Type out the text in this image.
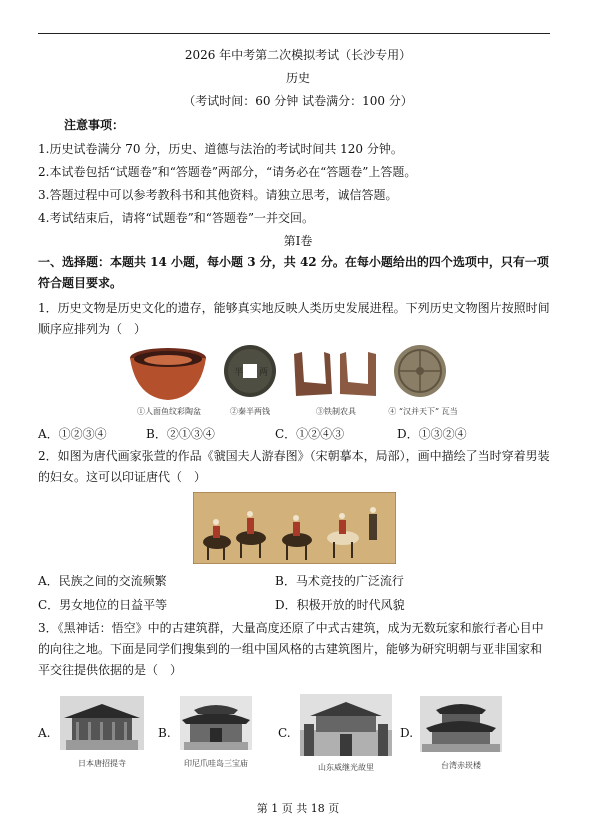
2026 年中考第二次模拟考试（长沙专用）
历史
（考试时间：60 分钟 试卷满分：100 分）
注意事项：
1.历史试卷满分 70 分，历史、道德与法治的考试时间共 120 分钟。
2.本试卷包括“试题卷”和“答题卷”两部分，“请务必在“答题卷”上答题。
3.答题过程中可以参考教科书和其他资料。请独立思考，诚信答题。
4.考试结束后，请将“试题卷”和“答题卷”一并交回。
第Ⅰ卷
一、选择题：本题共 14 小题，每小题 3 分，共 42 分。在每小题给出的四个选项中，只有一项符合题目要求。
1．历史文物是历史文化的遗存，能够真实地反映人类历史发展进程。下列历史文物图片按照时间顺序应排列为（　）
半 两
①人面鱼纹彩陶盆	②秦半两钱	③铁制农具	④ “汉并天下” 瓦当
A．①②③④	B．②①③④	C．①②④③	D．①③②④
2．如图为唐代画家张萱的作品《虢国夫人游春图》（宋朝摹本，局部），画中描绘了当时穿着男装的妇女。这可以印证唐代（　）
A．民族之间的交流频繁	B．马术竞技的广泛流行
C．男女地位的日益平等	D．积极开放的时代风貌
3．《黑神话：悟空》中的古建筑群，大量高度还原了中式古建筑，成为无数玩家和旅行者心目中的向往之地。下面是同学们搜集到的一组中国风格的古建筑图片，能够为研究明朝与亚非国家和平交往提供依据的是（　）
A.
日本唐招提寺
B.
印尼爪哇岛三宝庙
C.
山东威继光故里
D.
台湾赤崁楼
第 1 页 共 18 页
